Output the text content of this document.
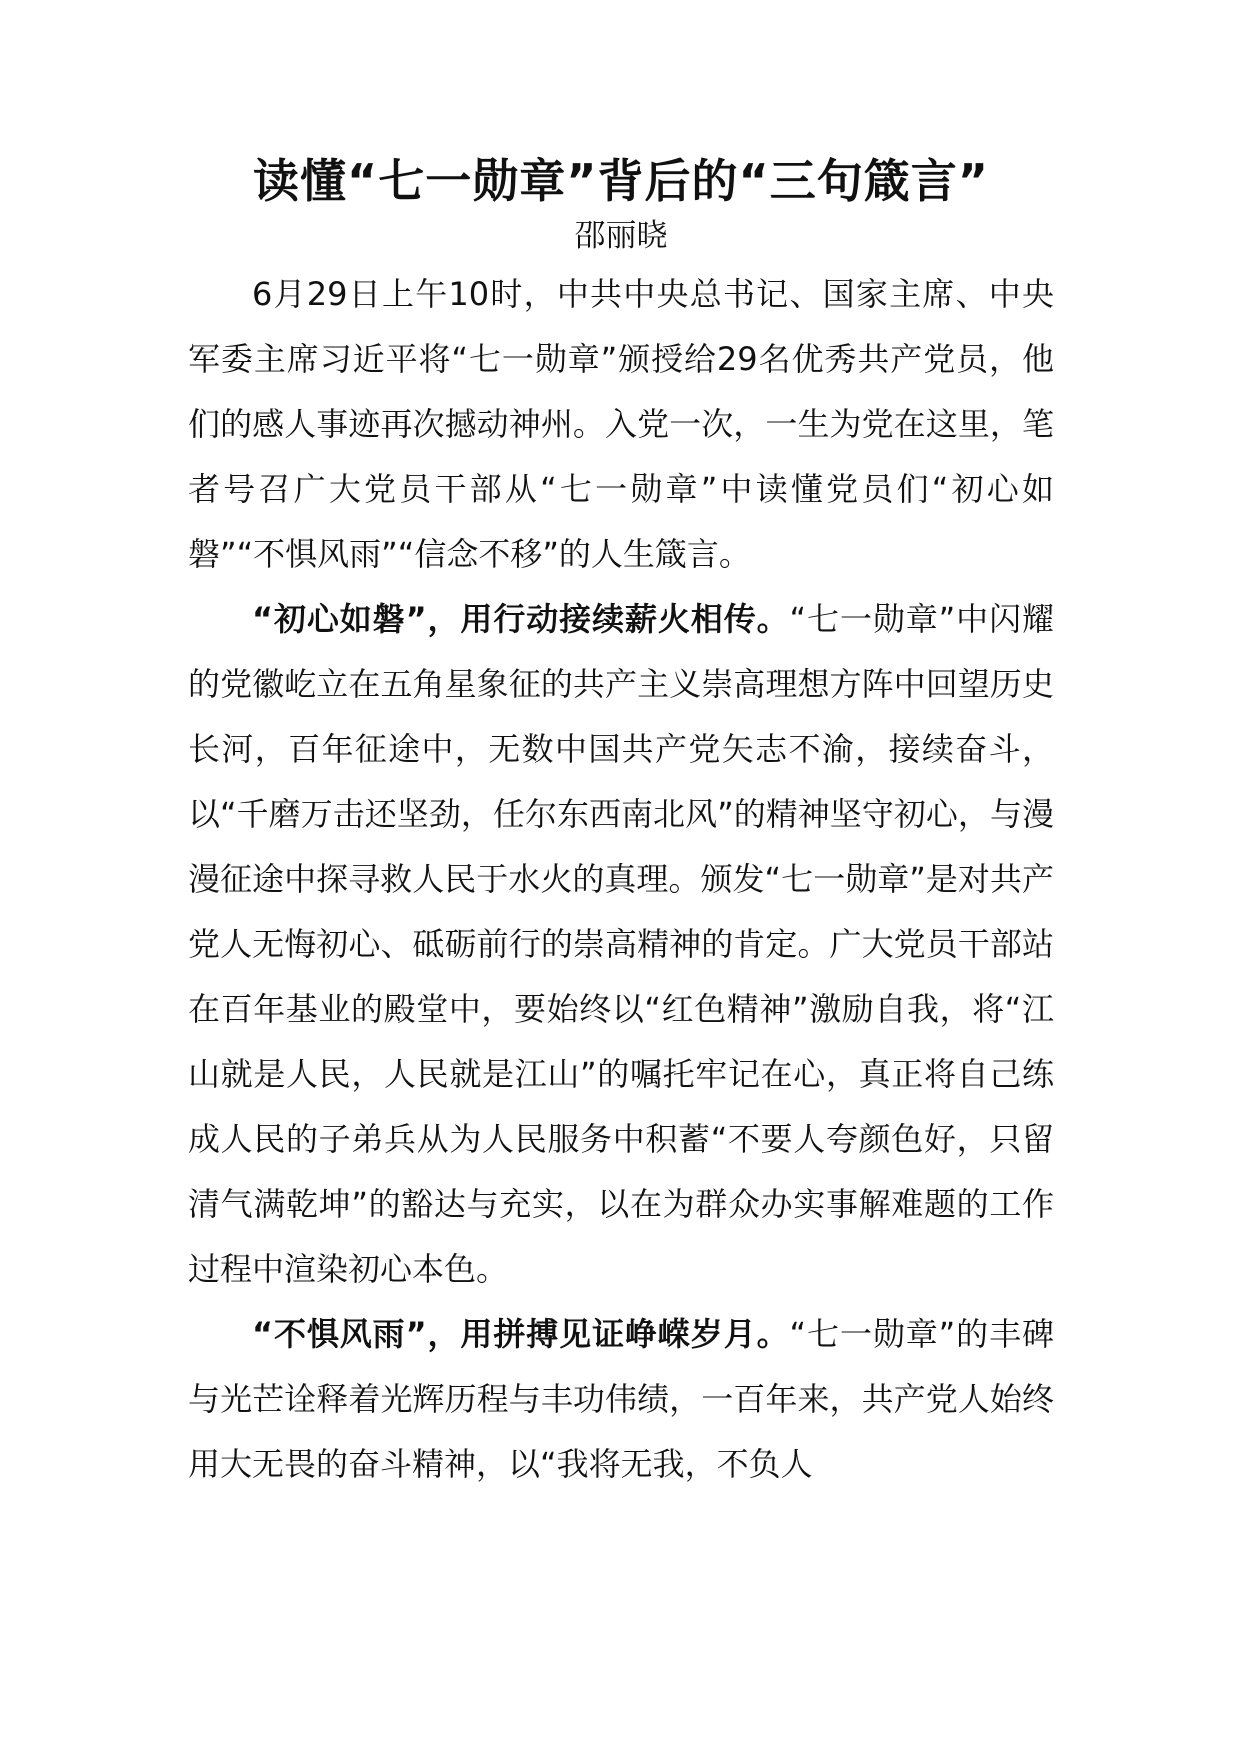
读懂“七一勋章”背后的“三句箴言”
邵丽晓

6月29日上午10时，中共中央总书记、国家主席、中央军委主席习近平将“七一勋章”颁授给29名优秀共产党员，他们的感人事迹再次撼动神州。入党一次，一生为党在这里，笔者号召广大党员干部从“七一勋章”中读懂党员们“初心如磐”“不惧风雨”“信念不移”的人生箴言。

“初心如磐”，用行动接续薪火相传。“七一勋章”中闪耀的党徽屹立在五角星象征的共产主义崇高理想方阵中回望历史长河，百年征途中，无数中国共产党矢志不渝，接续奋斗，以“千磨万击还坚劲，任尔东西南北风”的精神坚守初心，与漫漫征途中探寻救人民于水火的真理。颁发“七一勋章”是对共产党人无悔初心、砥砺前行的崇高精神的肯定。广大党员干部站在百年基业的殿堂中，要始终以“红色精神”激励自我，将“江山就是人民，人民就是江山”的嘱托牢记在心，真正将自己练成人民的子弟兵从为人民服务中积蓄“不要人夸颜色好，只留清气满乾坤”的豁达与充实，以在为群众办实事解难题的工作过程中渲染初心本色。

“不惧风雨”，用拼搏见证峥嵘岁月。“七一勋章”的丰碑与光芒诠释着光辉历程与丰功伟绩，一百年来，共产党人始终用大无畏的奋斗精神，以“我将无我，不负人
